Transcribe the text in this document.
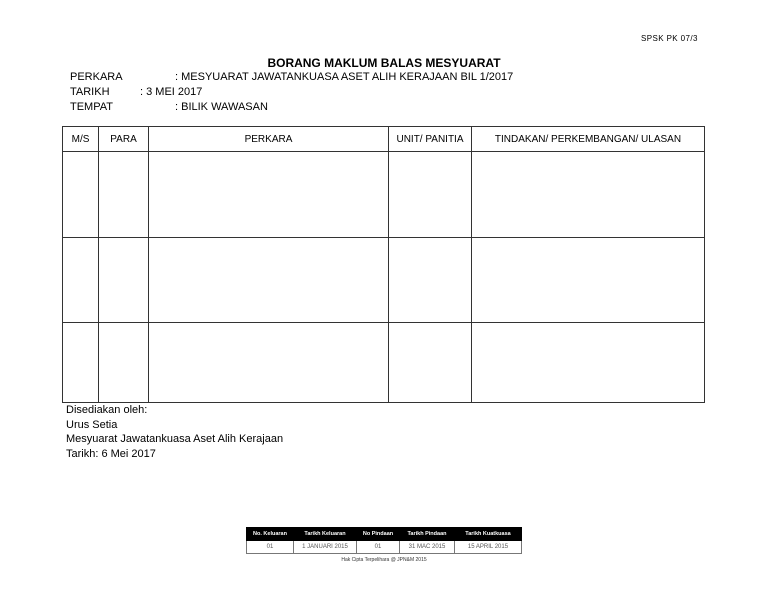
SPSK PK 07/3
BORANG MAKLUM BALAS MESYUARAT
PERKARA	: MESYUARAT JAWATANKUASA ASET ALIH KERAJAAN BIL 1/2017
TARIKH	: 3 MEI 2017
TEMPAT	: BILIK WAWASAN
M/S	PARA	PERKARA	UNIT/ PANITIA	TINDAKAN/ PERKEMBANGAN/ ULASAN

Disediakan oleh:
Urus Setia
Mesyuarat Jawatankuasa Aset Alih Kerajaan
Tarikh: 6 Mei 2017
No. Keluaran	Tarikh Keluaran	No Pindaan	Tarikh Pindaan	Tarikh Kuatkuasa
01	1 JANUARI 2015	01	31 MAC 2015	15 APRIL 2015
Hak Cipta Terpelihara @ JPN&M 2015
